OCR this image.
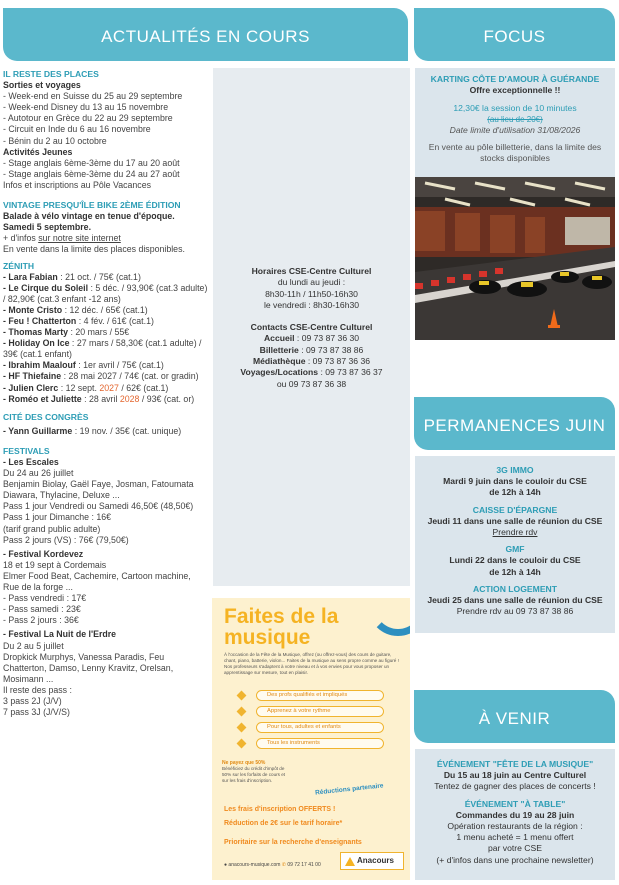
ACTUALITÉS EN COURS	FOCUS
IL RESTE DES PLACES
Sorties et voyages
- Week-end en Suisse du 25 au 29 septembre
- Week-end Disney du 13 au 15 novembre
- Autotour en Grèce du 22 au 29 septembre
- Circuit en Inde du 6 au 16 novembre
- Bénin du 2 au 10 octobre
Activités Jeunes
- Stage anglais 6ème-3ème du 17 au 20 août
- Stage anglais 6ème-3ème du 24 au 27 août
Infos et inscriptions au Pôle Vacances
VINTAGE PRESQU'ÎLE BIKE 2ÈME ÉDITION
Balade à vélo vintage en tenue d'époque.
Samedi 5 septembre.
+ d'infos sur notre site internet
En vente dans la limite des places disponibles.
ZÉNITH
- Lara Fabian : 21 oct. / 75€ (cat.1)
- Le Cirque du Soleil : 5 déc. / 93,90€ (cat.3 adulte) / 82,90€ (cat.3 enfant -12 ans)
- Monte Cristo : 12 déc. / 65€ (cat.1)
- Feu ! Chatterton : 4 fév. / 61€ (cat.1)
- Thomas Marty : 20 mars / 55€
- Holiday On Ice : 27 mars / 58,30€ (cat.1 adulte) / 39€ (cat.1 enfant)
- Ibrahim Maalouf : 1er avril / 75€ (cat.1)
- HF Thiefaine : 28 mai 2027 / 74€ (cat. or gradin)
- Julien Clerc : 12 sept. 2027 / 62€ (cat.1)
- Roméo et Juliette : 28 avril 2028 / 93€ (cat. or)
CITÉ DES CONGRÈS
- Yann Guillarme : 19 nov. / 35€ (cat. unique)
FESTIVALS
- Les Escales
Du 24 au 26 juillet
Benjamin Biolay, Gaël Faye, Josman, Fatoumata Diawara, Thylacine, Deluxe ...
Pass 1 jour Vendredi ou Samedi 46,50€ (48,50€)
Pass 1 jour Dimanche : 16€
(tarif grand public adulte)
Pass 2 jours (VS) : 76€ (79,50€)
- Festival Kordevez
18 et 19 sept à Cordemais
Elmer Food Beat, Cachemire, Cartoon machine, Rue de la forge ...
- Pass vendredi : 17€
- Pass samedi : 23€
- Pass 2 jours : 36€
- Festival La Nuit de l'Erdre
Du 2 au 5 juillet
Dropkick Murphys, Vanessa Paradis, Feu Chatterton, Damso, Lenny Kravitz, Orelsan, Mosimann ...
Il reste des pass :
3 pass 2J (J/V)
7 pass 3J (J/V/S)
Horaires CSE-Centre Culturel
du lundi au jeudi :
8h30-11h / 11h50-16h30
le vendredi : 8h30-16h30
Contacts CSE-Centre Culturel
Accueil : 09 73 87 36 30
Billetterie : 09 73 87 38 86
Médiathèque : 09 73 87 36 36
Voyages/Locations : 09 73 87 36 37
ou 09 73 87 36 38
KARTING CÔTE D'AMOUR À GUÉRANDE
Offre exceptionnelle !!
12,30€ la session de 10 minutes
(au lieu de 20€)
Date limite d'utilisation 31/08/2026
En vente au pôle billetterie, dans la limite des stocks disponibles
PERMANENCES JUIN
3G IMMO
Mardi 9 juin dans le couloir du CSE
de 12h à 14h
CAISSE D'ÉPARGNE
Jeudi 11 dans une salle de réunion du CSE
Prendre rdv
GMF
Lundi 22 dans le couloir du CSE
de 12h à 14h
ACTION LOGEMENT
Jeudi 25 dans une salle de réunion du CSE
Prendre rdv au 09 73 87 38 86
À VENIR
ÉVÉNEMENT "FÊTE DE LA MUSIQUE"
Du 15 au 18 juin au Centre Culturel
Tentez de gagner des places de concerts !
ÉVÉNEMENT "À TABLE"
Commandes du 19 au 28 juin
Opération restaurants de la région :
1 menu acheté = 1 menu offert
par votre CSE
(+ d'infos dans une prochaine newsletter)
Faites de la musique
À l'occasion de la Fête de la Musique, offrez (ou offrez-vous) des cours de guitare, chant, piano, batterie, violon... Faites de la musique au sens propre comme au figuré ! Nos professeurs s'adaptent à votre niveau et à vos envies pour vous proposer un apprentissage sur mesure, tout en plaisir.
Des profs qualifiés et impliqués
Apprenez à votre rythme
Pour tous, adultes et enfants
Tous les instruments
Ne payez que 50%
Bénéficiez du crédit d'impôt de 50% sur les forfaits de cours et sur les frais d'inscription.
Réductions partenaire
Les frais d'inscription OFFERTS !
Réduction de 2€ sur le tarif horaire*
Prioritaire sur la recherche d'enseignants
● anacours-musique.com ✆ 09 72 17 41 00	Anacours
